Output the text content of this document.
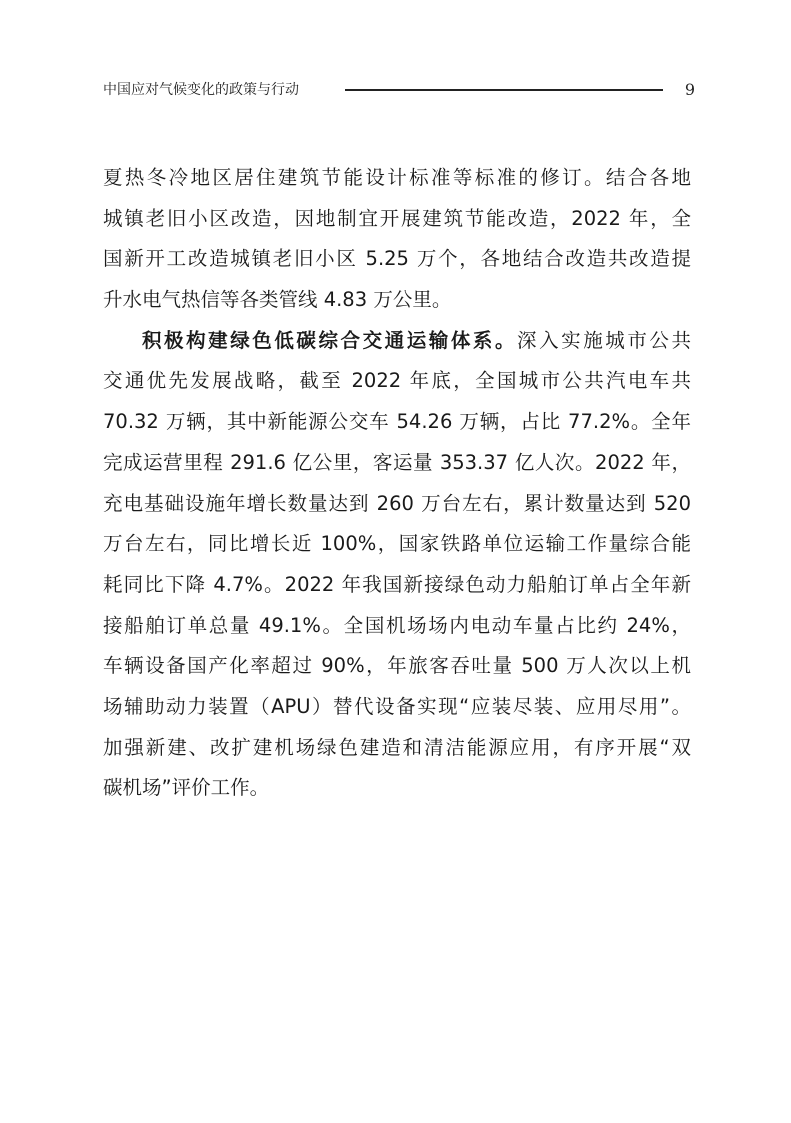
中国应对气候变化的政策与行动	9
夏热冬冷地区居住建筑节能设计标准等标准的修订。结合各地
城镇老旧小区改造，因地制宜开展建筑节能改造，2022 年，全
国新开工改造城镇老旧小区 5.25 万个，各地结合改造共改造提
升水电气热信等各类管线 4.83 万公里。
积极构建绿色低碳综合交通运输体系。深入实施城市公共
交通优先发展战略，截至 2022 年底，全国城市公共汽电车共
70.32 万辆，其中新能源公交车 54.26 万辆，占比 77.2%。全年
完成运营里程 291.6 亿公里，客运量 353.37 亿人次。2022 年，
充电基础设施年增长数量达到 260 万台左右，累计数量达到 520
万台左右，同比增长近 100%，国家铁路单位运输工作量综合能
耗同比下降 4.7%。2022 年我国新接绿色动力船舶订单占全年新
接船舶订单总量 49.1%。全国机场场内电动车量占比约 24%，
车辆设备国产化率超过 90%，年旅客吞吐量 500 万人次以上机
场辅助动力装置（APU）替代设备实现“应装尽装、应用尽用”。
加强新建、改扩建机场绿色建造和清洁能源应用，有序开展“双
碳机场”评价工作。
